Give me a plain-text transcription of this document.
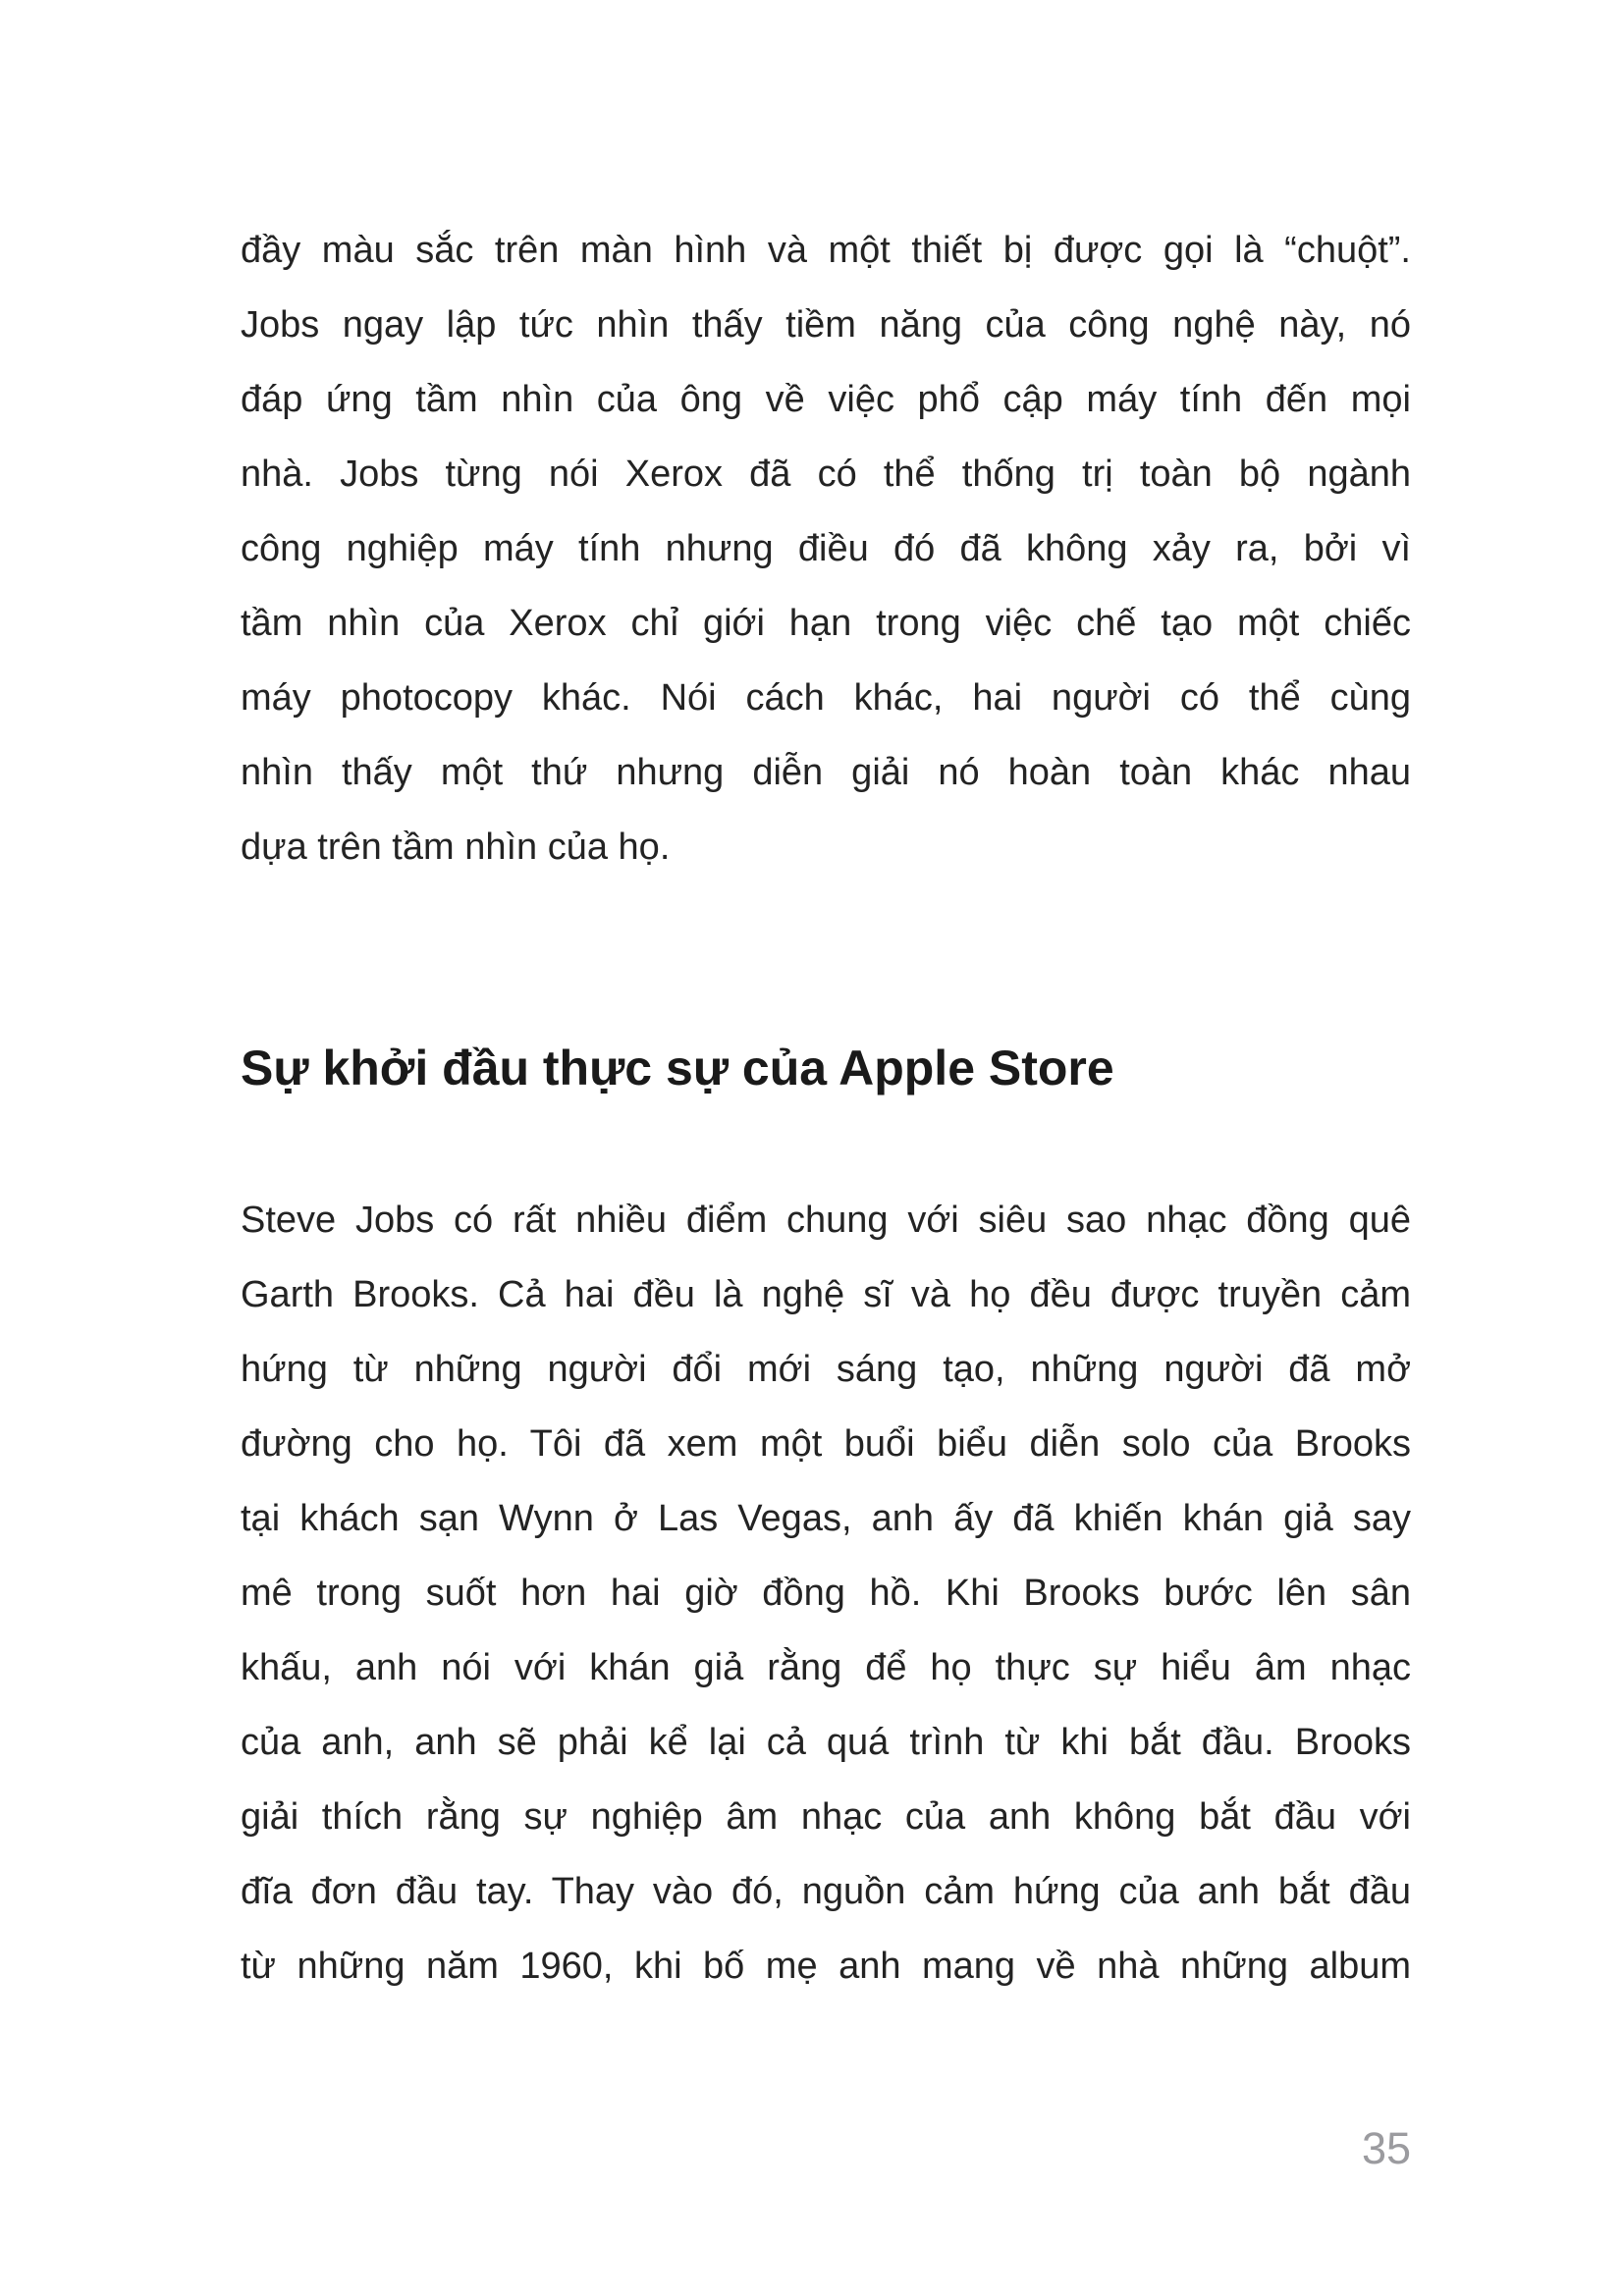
đầy màu sắc trên màn hình và một thiết bị được gọi là “chuột”.
Jobs ngay lập tức nhìn thấy tiềm năng của công nghệ này, nó
đáp ứng tầm nhìn của ông về việc phổ cập máy tính đến mọi
nhà. Jobs từng nói Xerox đã có thể thống trị toàn bộ ngành
công nghiệp máy tính nhưng điều đó đã không xảy ra, bởi vì
tầm nhìn của Xerox chỉ giới hạn trong việc chế tạo một chiếc
máy photocopy khác. Nói cách khác, hai người có thể cùng
nhìn thấy một thứ nhưng diễn giải nó hoàn toàn khác nhau
dựa trên tầm nhìn của họ.
Sự khởi đầu thực sự của Apple Store
Steve Jobs có rất nhiều điểm chung với siêu sao nhạc đồng quê
Garth Brooks. Cả hai đều là nghệ sĩ và họ đều được truyền cảm
hứng từ những người đổi mới sáng tạo, những người đã mở
đường cho họ. Tôi đã xem một buổi biểu diễn solo của Brooks
tại khách sạn Wynn ở Las Vegas, anh ấy đã khiến khán giả say
mê trong suốt hơn hai giờ đồng hồ. Khi Brooks bước lên sân
khấu, anh nói với khán giả rằng để họ thực sự hiểu âm nhạc
của anh, anh sẽ phải kể lại cả quá trình từ khi bắt đầu. Brooks
giải thích rằng sự nghiệp âm nhạc của anh không bắt đầu với
đĩa đơn đầu tay. Thay vào đó, nguồn cảm hứng của anh bắt đầu
từ những năm 1960, khi bố mẹ anh mang về nhà những album
35
